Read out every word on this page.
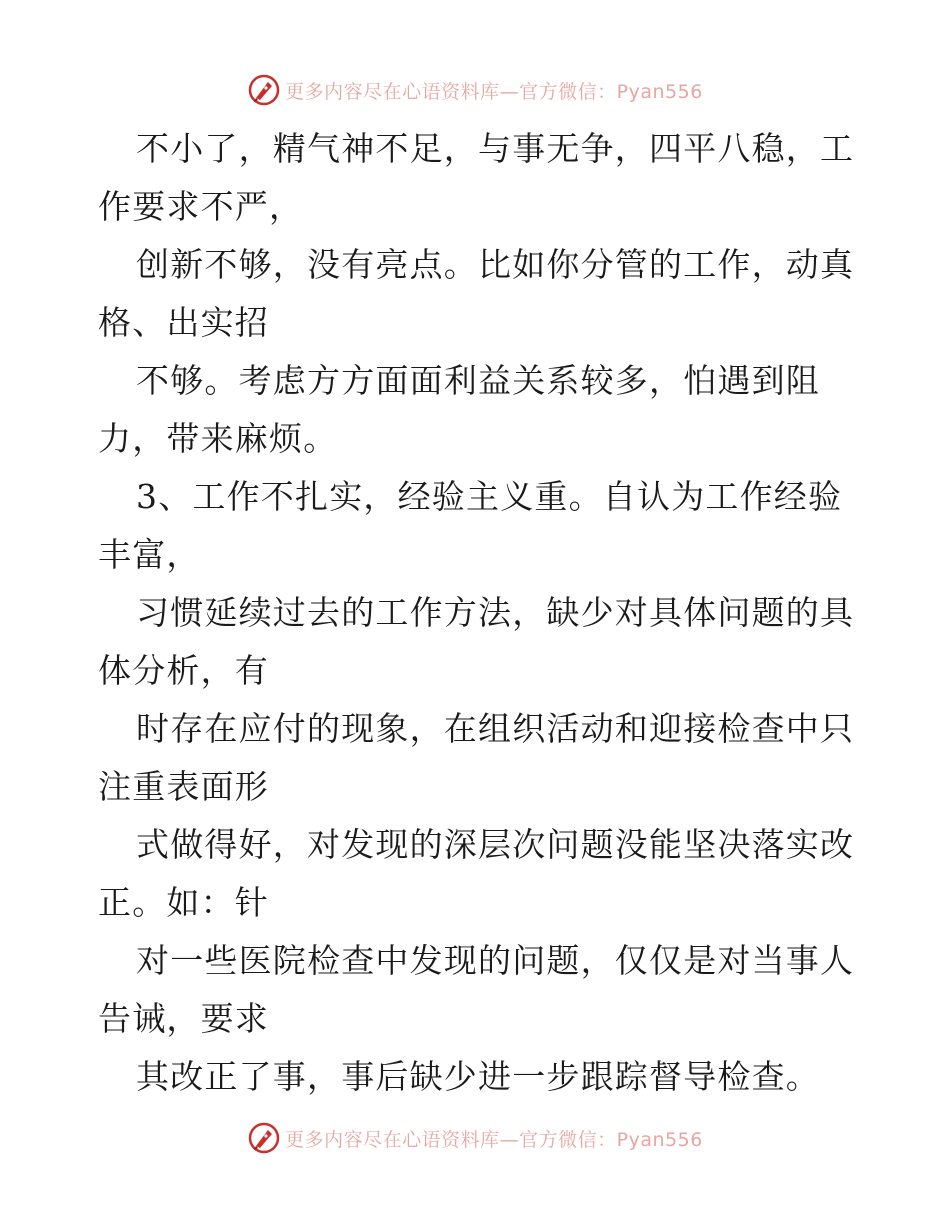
更多内容尽在心语资料库—官方微信：Pyan556

不小了，精气神不足，与事无争，四平八稳，工

作要求不严，

创新不够，没有亮点。比如你分管的工作，动真

格、出实招

不够。考虑方方面面利益关系较多，怕遇到阻

力，带来麻烦。

3、工作不扎实，经验主义重。自认为工作经验

丰富，

习惯延续过去的工作方法，缺少对具体问题的具

体分析，有

时存在应付的现象，在组织活动和迎接检查中只

注重表面形

式做得好，对发现的深层次问题没能坚决落实改

正。如：针

对一些医院检查中发现的问题，仅仅是对当事人

告诫，要求

其改正了事，事后缺少进一步跟踪督导检查。

更多内容尽在心语资料库—官方微信：Pyan556
